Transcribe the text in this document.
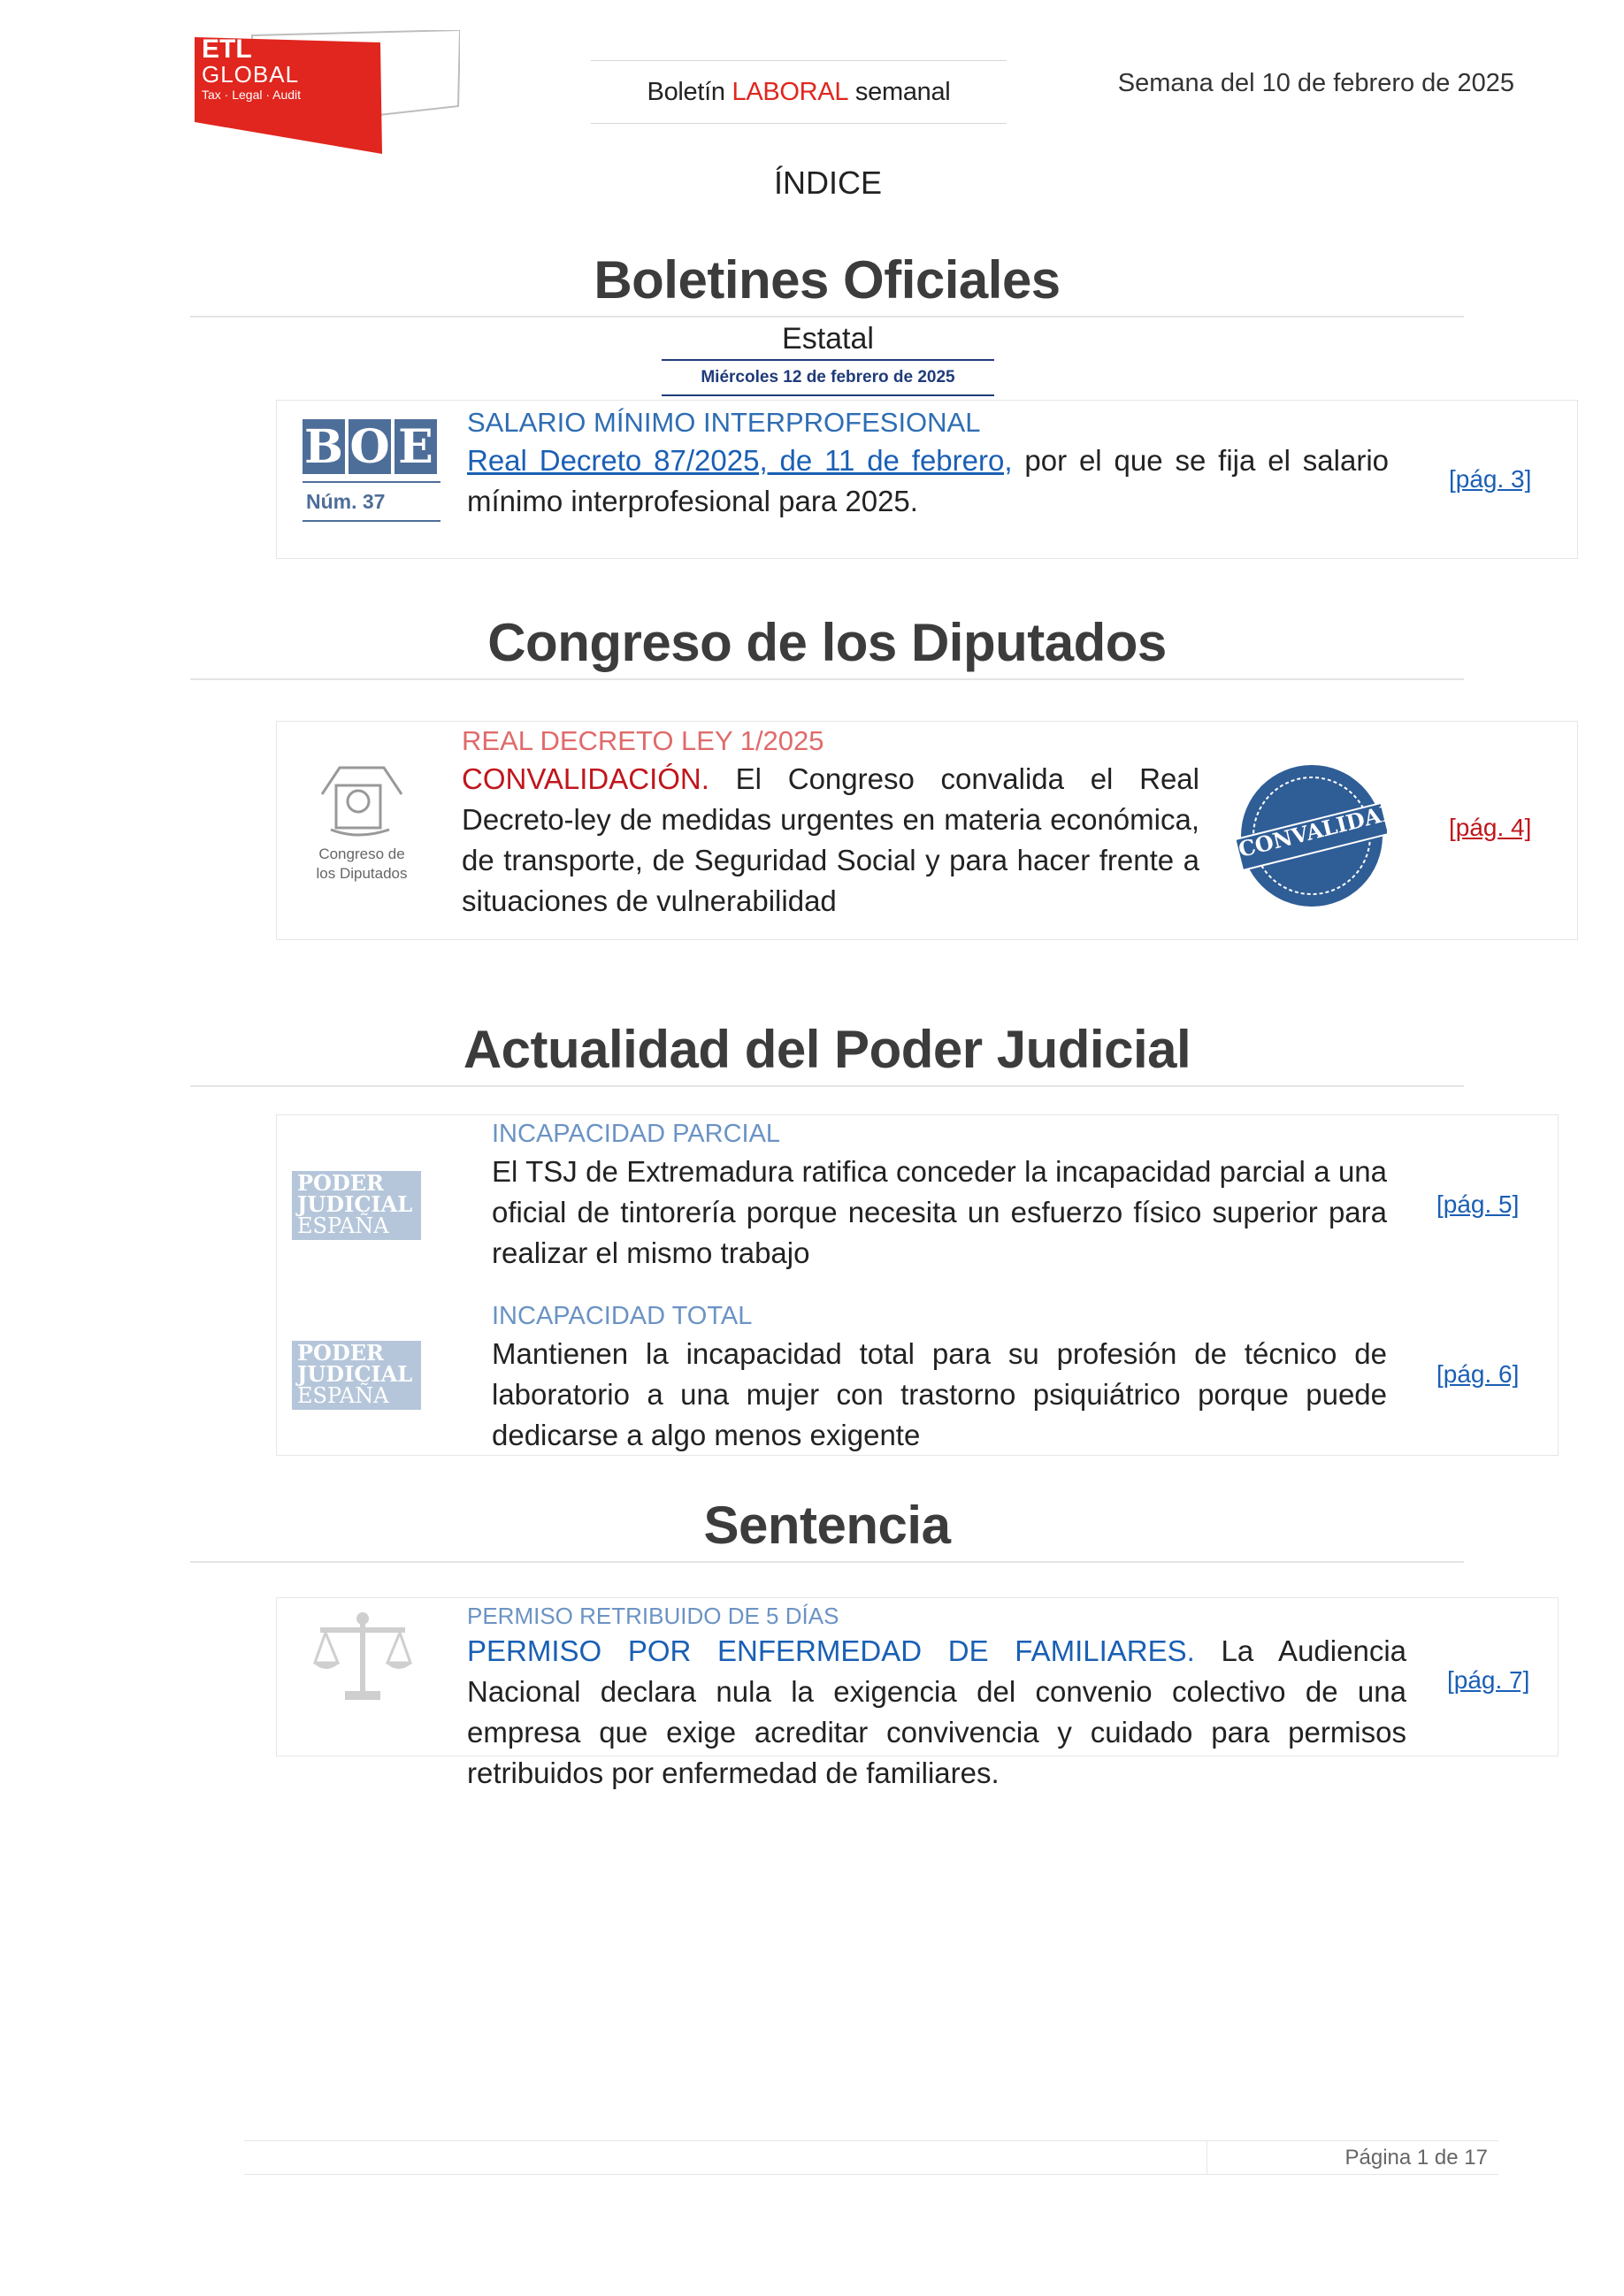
ETL
GLOBAL
Tax · Legal · Audit	Boletín LABORAL semanal	Semana del 10 de febrero de 2025
ÍNDICE
Boletines Oficiales
Estatal
Miércoles 12 de febrero de 2025
B O E
Núm. 37
SALARIO MÍNIMO INTERPROFESIONAL
Real Decreto 87/2025, de 11 de febrero, por el que se fija el salario mínimo interprofesional para 2025.
[pág. 3]
Congreso de los Diputados
Congreso de
los Diputados
REAL DECRETO LEY 1/2025
CONVALIDACIÓN. El Congreso convalida el Real Decreto-ley de medidas urgentes en materia económica, de transporte, de Seguridad Social y para hacer frente a situaciones de vulnerabilidad
CONVALIDADO [pág. 4]
Actualidad del Poder Judicial
PODER
JUDICIAL
ESPAÑA
INCAPACIDAD PARCIAL
El TSJ de Extremadura ratifica conceder la incapacidad parcial a una oficial de tintorería porque necesita un esfuerzo físico superior para realizar el mismo trabajo
[pág. 5]
PODER
JUDICIAL
ESPAÑA
INCAPACIDAD TOTAL
Mantienen la incapacidad total para su profesión de técnico de laboratorio a una mujer con trastorno psiquiátrico porque puede dedicarse a algo menos exigente
[pág. 6]
Sentencia
PERMISO RETRIBUIDO DE 5 DÍAS
PERMISO POR ENFERMEDAD DE FAMILIARES. La Audiencia Nacional declara nula la exigencia del convenio colectivo de una empresa que exige acreditar convivencia y cuidado para permisos retribuidos por enfermedad de familiares.
[pág. 7]
Página 1 de 17
